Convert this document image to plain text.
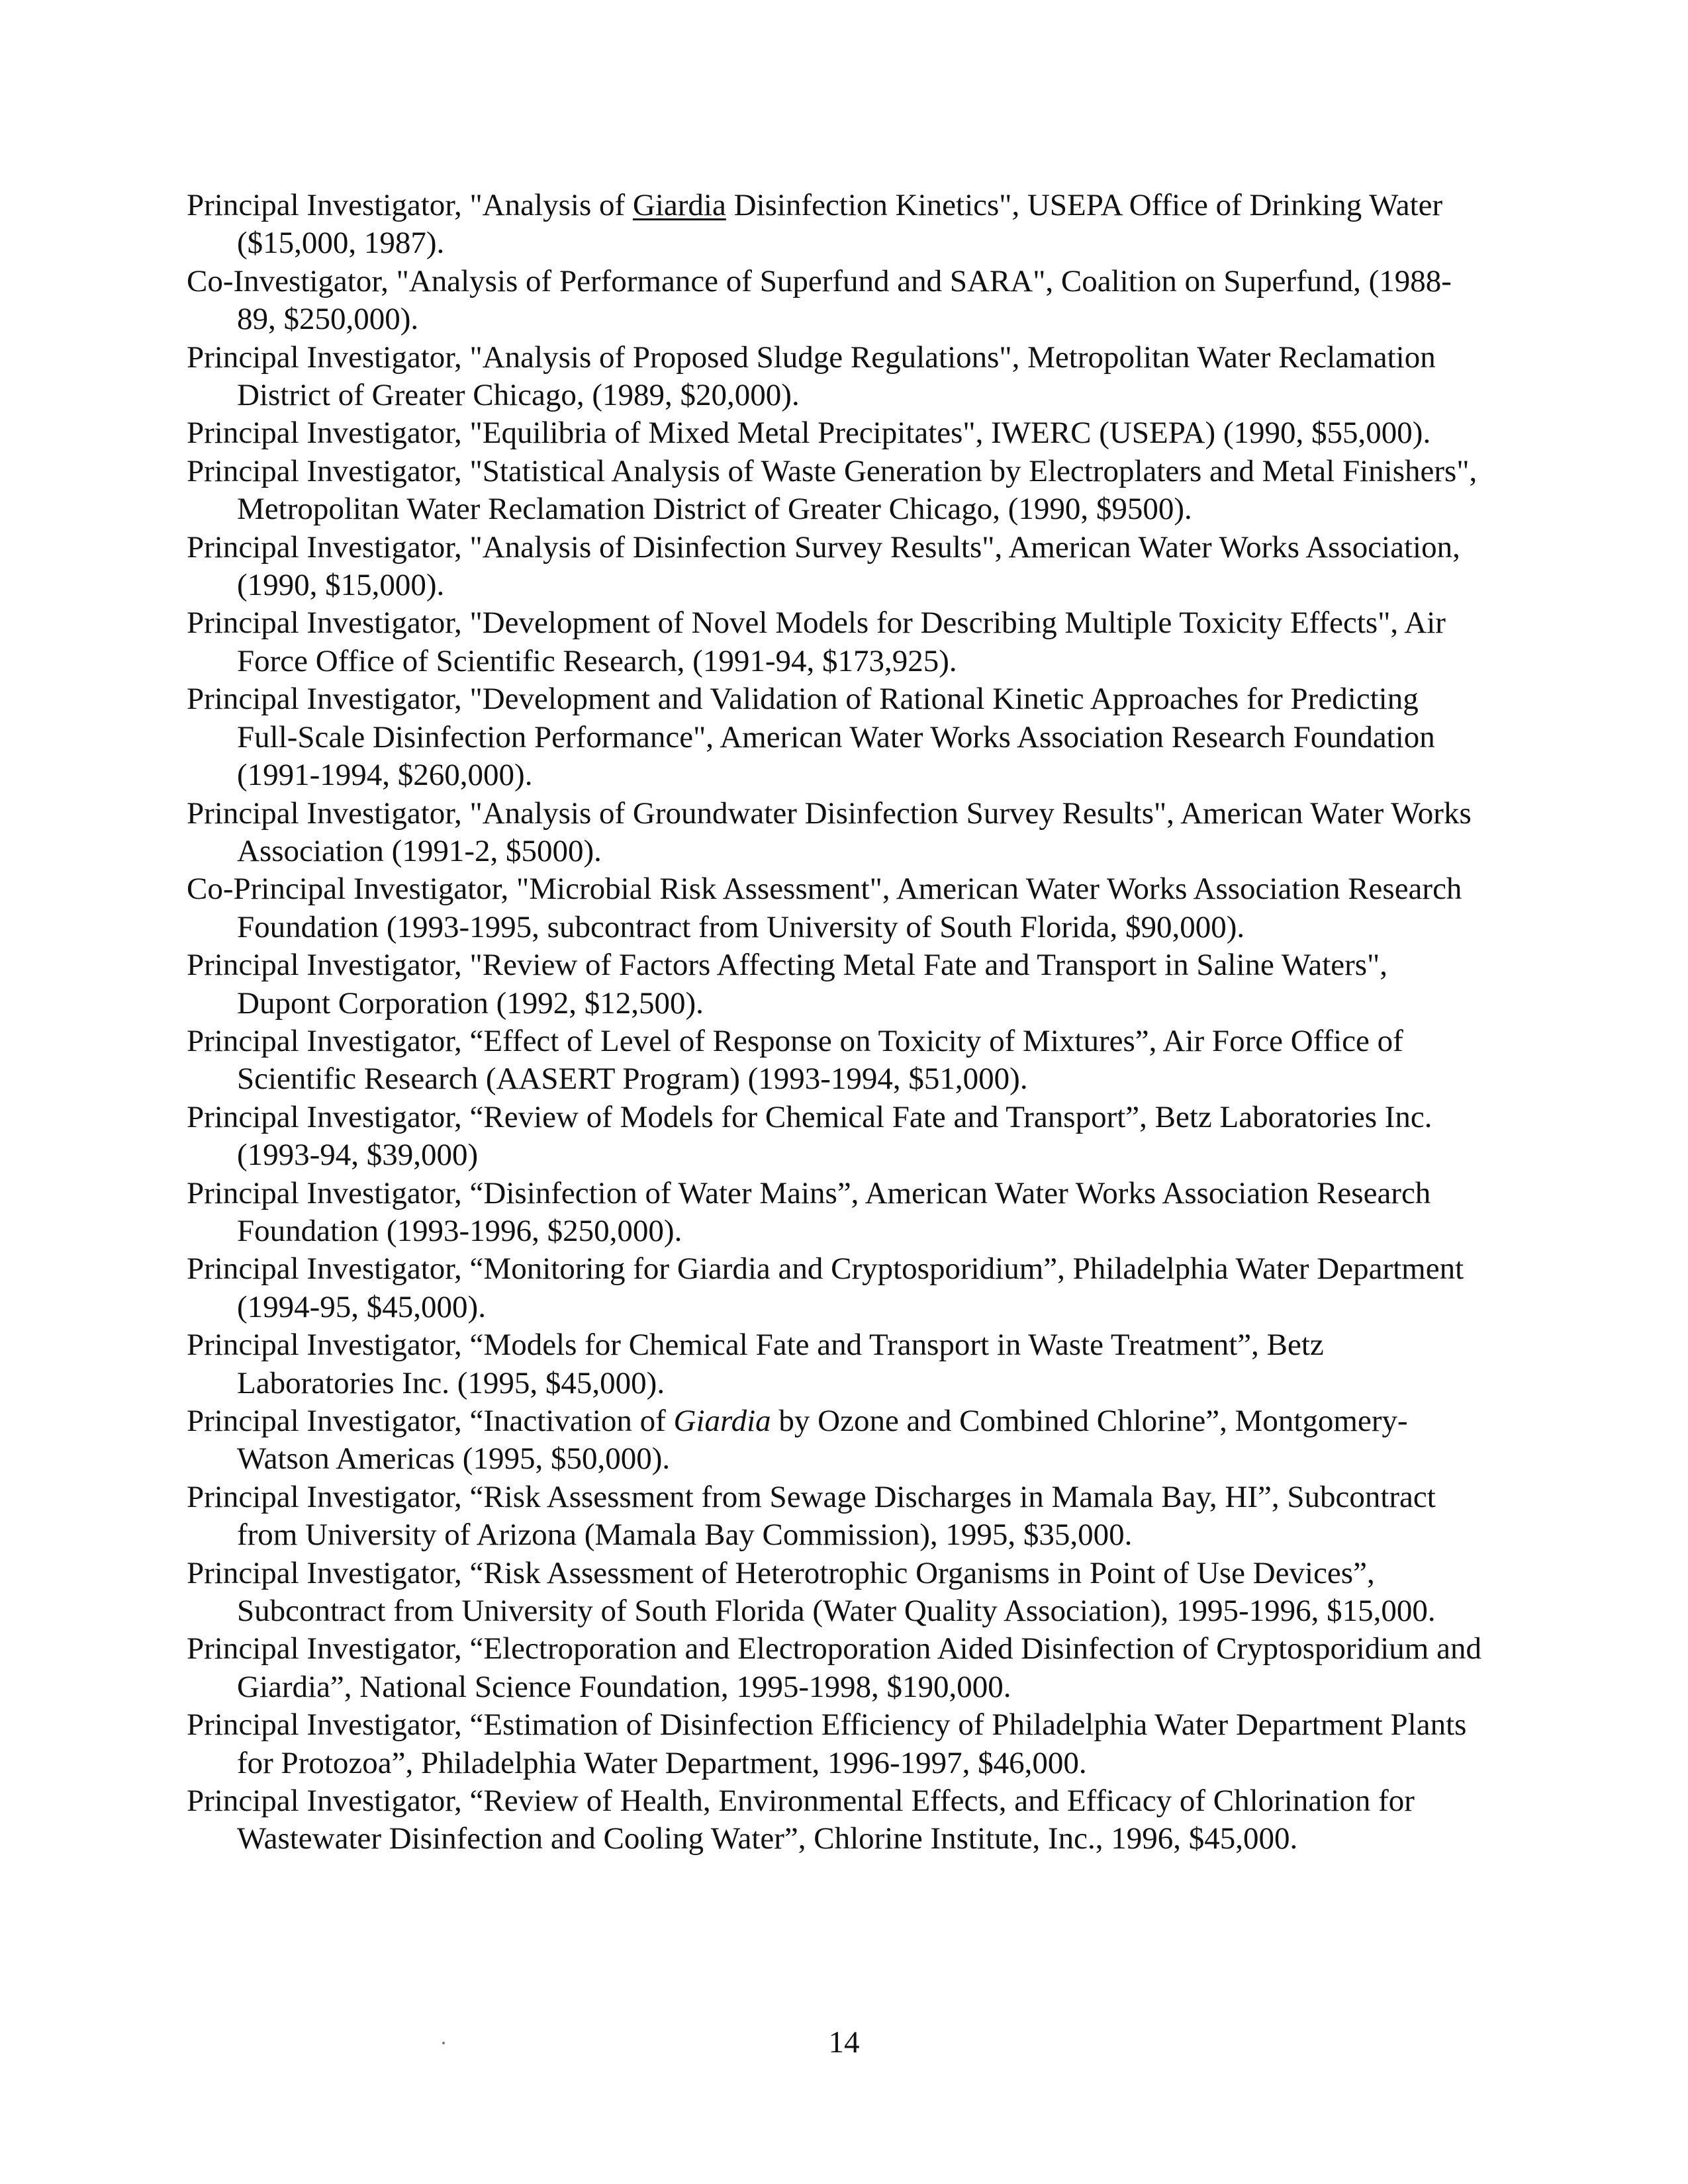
Principal Investigator, "Analysis of Giardia Disinfection Kinetics", USEPA Office of Drinking Water ($15,000, 1987).

Co-Investigator, "Analysis of Performance of Superfund and SARA", Coalition on Superfund, (1988-89, $250,000).

Principal Investigator, "Analysis of Proposed Sludge Regulations", Metropolitan Water Reclamation District of Greater Chicago, (1989, $20,000).

Principal Investigator, "Equilibria of Mixed Metal Precipitates", IWERC (USEPA) (1990, $55,000).

Principal Investigator, "Statistical Analysis of Waste Generation by Electroplaters and Metal Finishers", Metropolitan Water Reclamation District of Greater Chicago, (1990, $9500).

Principal Investigator, "Analysis of Disinfection Survey Results", American Water Works Association, (1990, $15,000).

Principal Investigator, "Development of Novel Models for Describing Multiple Toxicity Effects", Air Force Office of Scientific Research, (1991-94, $173,925).

Principal Investigator, "Development and Validation of Rational Kinetic Approaches for Predicting Full-Scale Disinfection Performance", American Water Works Association Research Foundation (1991-1994, $260,000).

Principal Investigator, "Analysis of Groundwater Disinfection Survey Results", American Water Works Association (1991-2, $5000).

Co-Principal Investigator, "Microbial Risk Assessment", American Water Works Association Research Foundation (1993-1995, subcontract from University of South Florida, $90,000).

Principal Investigator, "Review of Factors Affecting Metal Fate and Transport in Saline Waters", Dupont Corporation (1992, $12,500).

Principal Investigator, “Effect of Level of Response on Toxicity of Mixtures”, Air Force Office of Scientific Research (AASERT Program) (1993-1994, $51,000).

Principal Investigator, “Review of Models for Chemical Fate and Transport”, Betz Laboratories Inc. (1993-94, $39,000)

Principal Investigator, “Disinfection of Water Mains”, American Water Works Association Research Foundation (1993-1996, $250,000).

Principal Investigator, “Monitoring for Giardia and Cryptosporidium”, Philadelphia Water Department (1994-95, $45,000).

Principal Investigator, “Models for Chemical Fate and Transport in Waste Treatment”, Betz Laboratories Inc. (1995, $45,000).

Principal Investigator, “Inactivation of Giardia by Ozone and Combined Chlorine”, Montgomery-Watson Americas (1995, $50,000).

Principal Investigator, “Risk Assessment from Sewage Discharges in Mamala Bay, HI”, Subcontract from University of Arizona (Mamala Bay Commission), 1995, $35,000.

Principal Investigator, “Risk Assessment of Heterotrophic Organisms in Point of Use Devices”, Subcontract from University of South Florida (Water Quality Association), 1995-1996, $15,000.

Principal Investigator, “Electroporation and Electroporation Aided Disinfection of Cryptosporidium and Giardia”, National Science Foundation, 1995-1998, $190,000.

Principal Investigator, “Estimation of Disinfection Efficiency of Philadelphia Water Department Plants for Protozoa”, Philadelphia Water Department, 1996-1997, $46,000.

Principal Investigator, “Review of Health, Environmental Effects, and Efficacy of Chlorination for Wastewater Disinfection and Cooling Water”, Chlorine Institute, Inc., 1996, $45,000.

14
